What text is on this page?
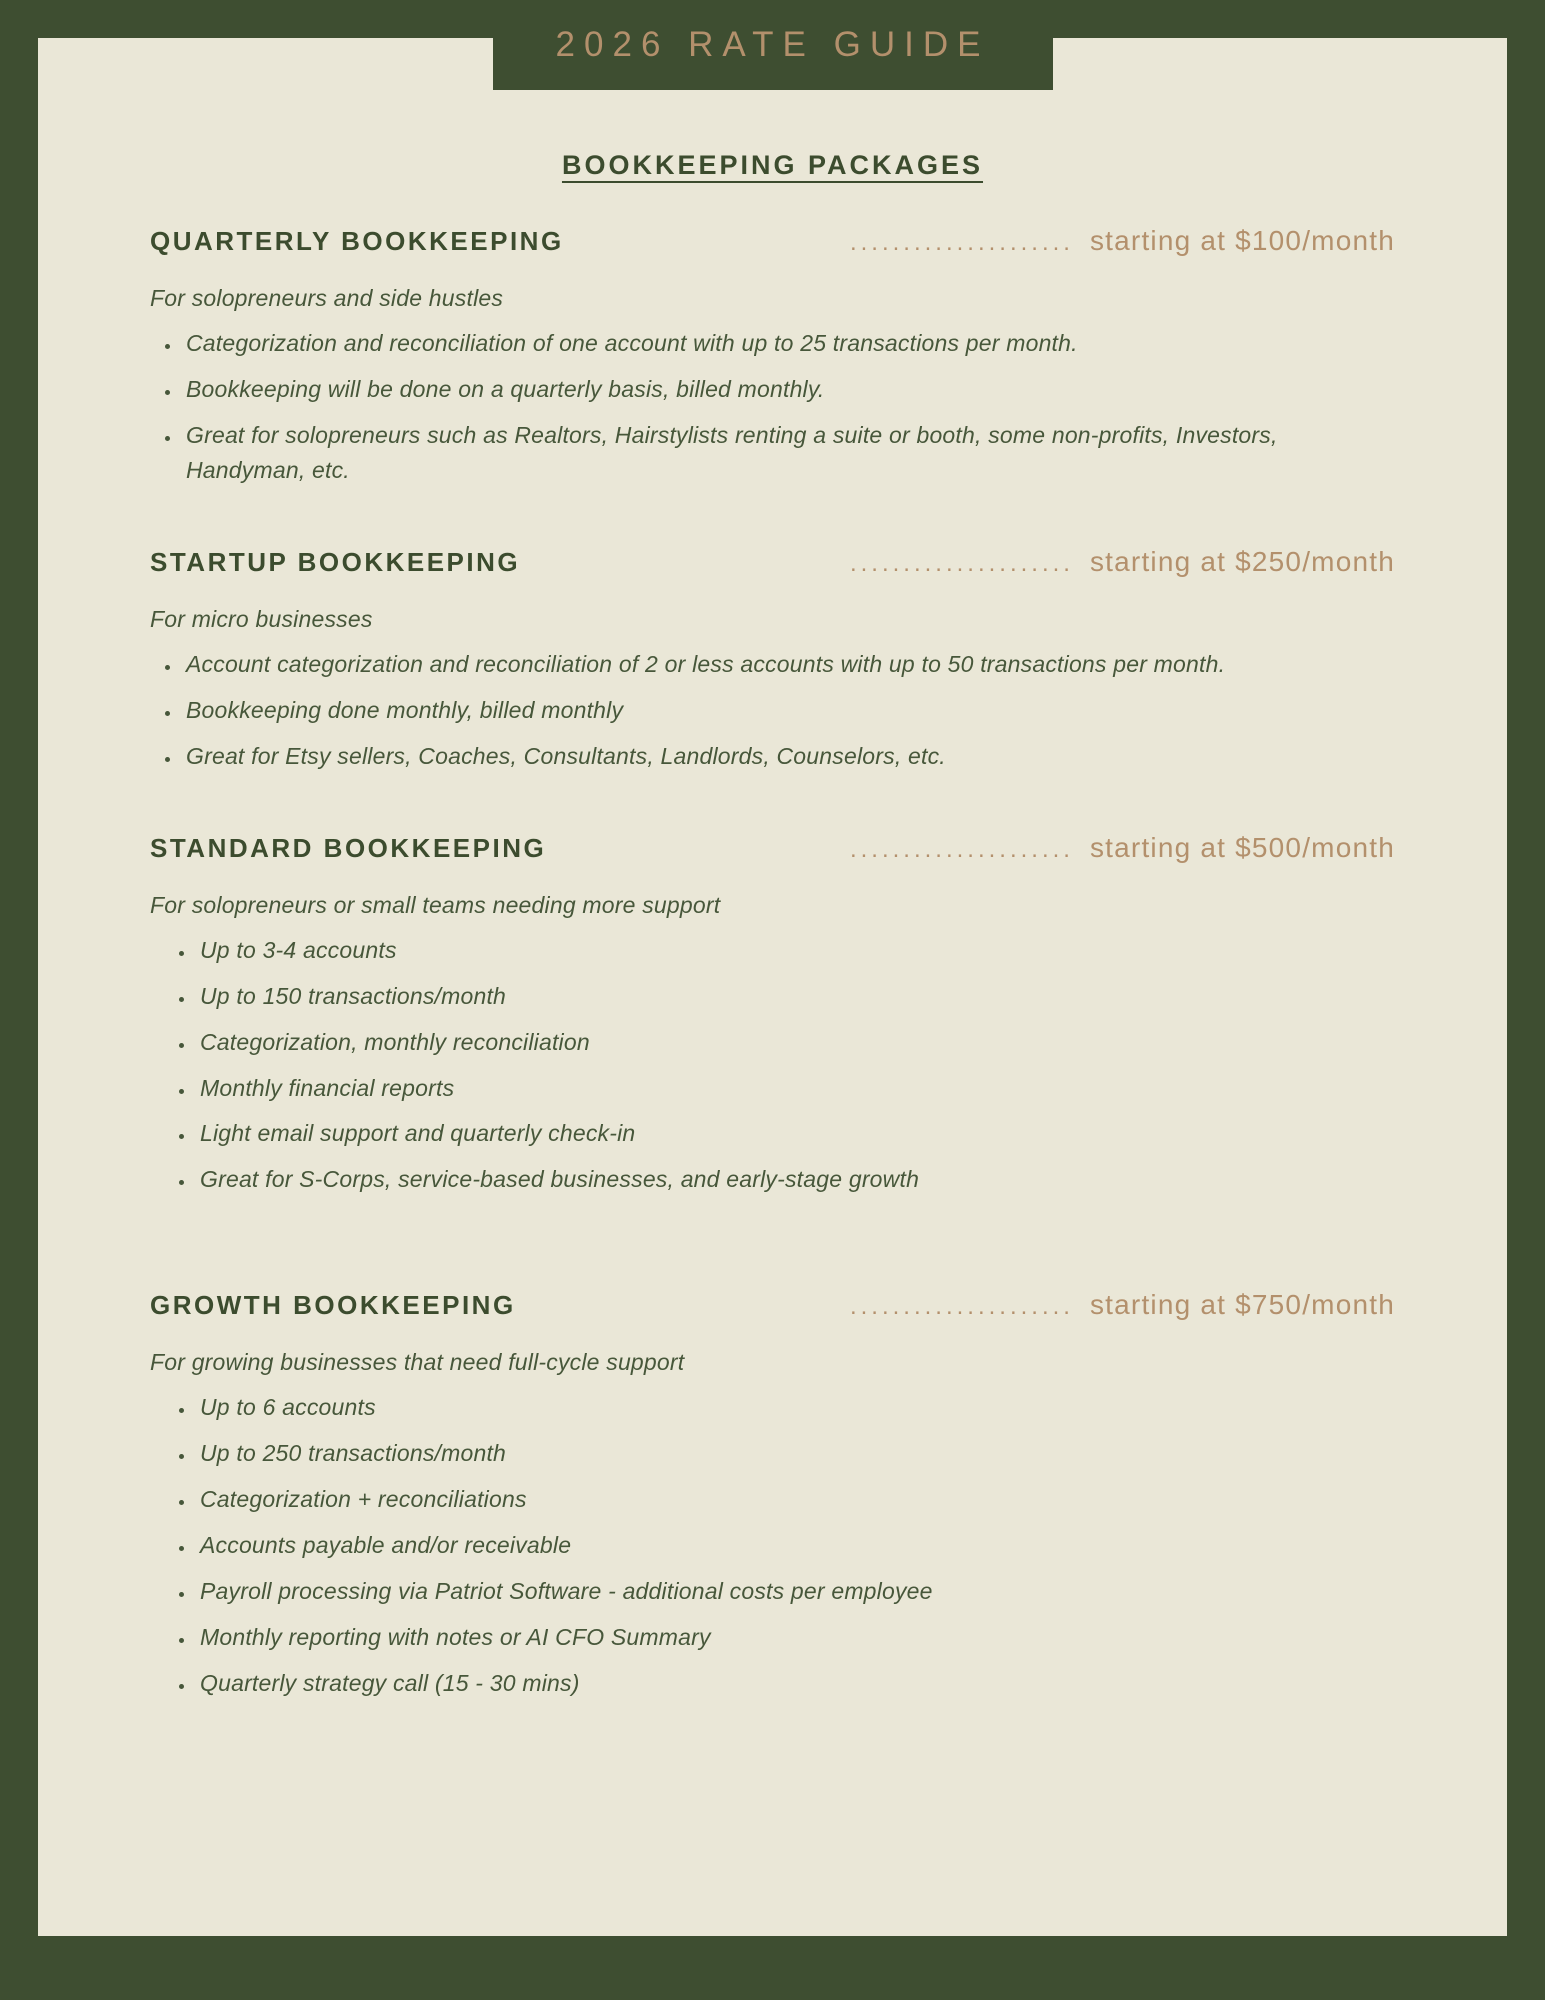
BOOKKEEPING PACKAGES
QUARTERLY BOOKKEEPING	..................... starting at $100/month

For solopreneurs and side hustles

• Categorization and reconciliation of one account with up to 25 transactions per month.
• Bookkeeping will be done on a quarterly basis, billed monthly.
• Great for solopreneurs such as Realtors, Hairstylists renting a suite or booth, some non-profits, Investors, Handyman, etc.
STARTUP BOOKKEEPING	..................... starting at $250/month

For micro businesses

• Account categorization and reconciliation of 2 or less accounts with up to 50 transactions per month.
• Bookkeeping done monthly, billed monthly
• Great for Etsy sellers, Coaches, Consultants, Landlords, Counselors, etc.
STANDARD BOOKKEEPING	..................... starting at $500/month

For solopreneurs or small teams needing more support

• Up to 3-4 accounts
• Up to 150 transactions/month
• Categorization, monthly reconciliation
• Monthly financial reports
• Light email support and quarterly check-in
• Great for S-Corps, service-based businesses, and early-stage growth
GROWTH BOOKKEEPING	..................... starting at $750/month

For growing businesses that need full-cycle support

• Up to 6 accounts
• Up to 250 transactions/month
• Categorization + reconciliations
• Accounts payable and/or receivable
• Payroll processing via Patriot Software - additional costs per employee
• Monthly reporting with notes or AI CFO Summary
• Quarterly strategy call (15 - 30 mins)
2026 RATE GUIDE
